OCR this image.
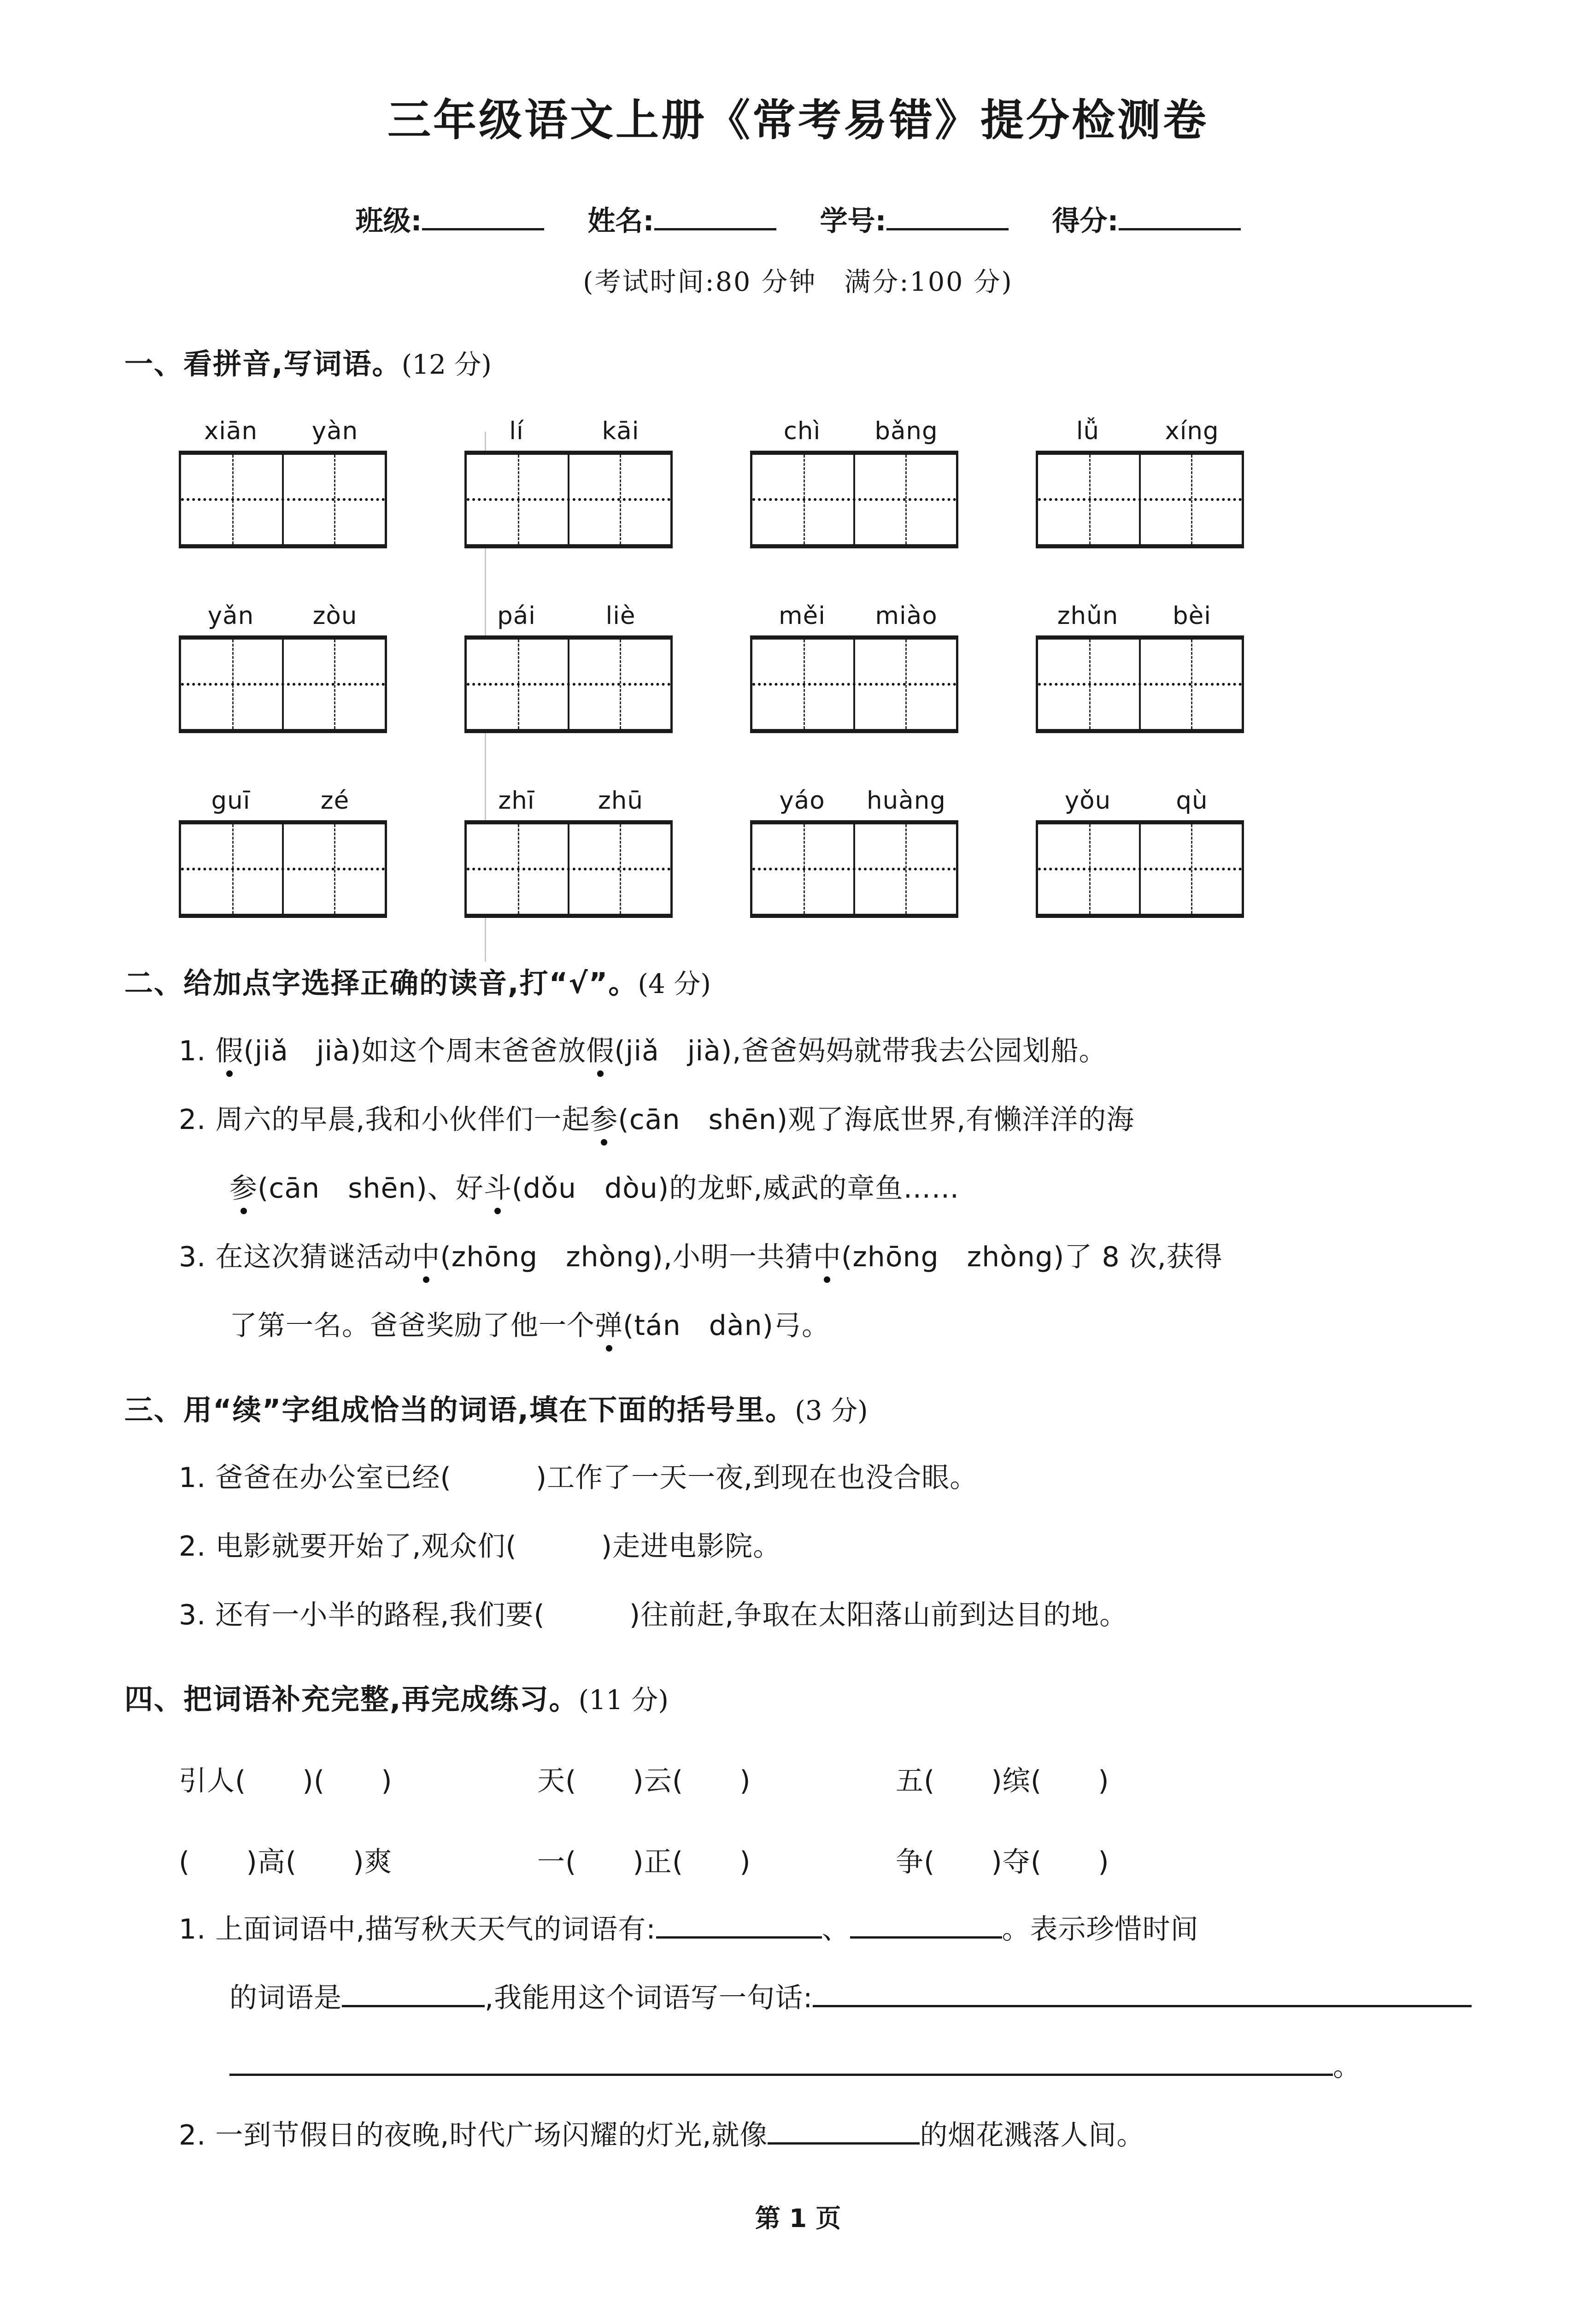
三年级语文上册《常考易错》提分检测卷
班级:	姓名:	学号:	得分:
(考试时间:80 分钟　满分:100 分)
一、看拼音,写词语。(12 分)
xiān	yàn	lí	kāi	chì	bǎng	lǚ	xíng
yǎn	zòu	pái	liè	měi	miào	zhǔn	bèi
guī	zé	zhī	zhū	yáo	huàng	yǒu	qù
二、给加点字选择正确的读音,打“√”。(4 分)
1. 假(jiǎ　jià)如这个周末爸爸放假(jiǎ　jià),爸爸妈妈就带我去公园划船。
2. 周六的早晨,我和小伙伴们一起参(cān　shēn)观了海底世界,有懒洋洋的海
参(cān　shēn)、好斗(dǒu　dòu)的龙虾,威武的章鱼……
3. 在这次猜谜活动中(zhōng　zhòng),小明一共猜中(zhōng　zhòng)了 8 次,获得
了第一名。爸爸奖励了他一个弹(tán　dàn)弓。
三、用“续”字组成恰当的词语,填在下面的括号里。(3 分)
1. 爸爸在办公室已经(　　　)工作了一天一夜,到现在也没合眼。
2. 电影就要开始了,观众们(　　　)走进电影院。
3. 还有一小半的路程,我们要(　　　)往前赶,争取在太阳落山前到达目的地。
四、把词语补充完整,再完成练习。(11 分)
引人(　　)(　　)	天(　　)云(　　)	五(　　)缤(　　)
(　　)高(　　)爽	一(　　)正(　　)	争(　　)夺(　　)
1. 上面词语中,描写秋天天气的词语有:	、	。表示珍惜时间
的词语是	,我能用这个词语写一句话:
。
2. 一到节假日的夜晚,时代广场闪耀的灯光,就像	的烟花溅落人间。
第 1 页
